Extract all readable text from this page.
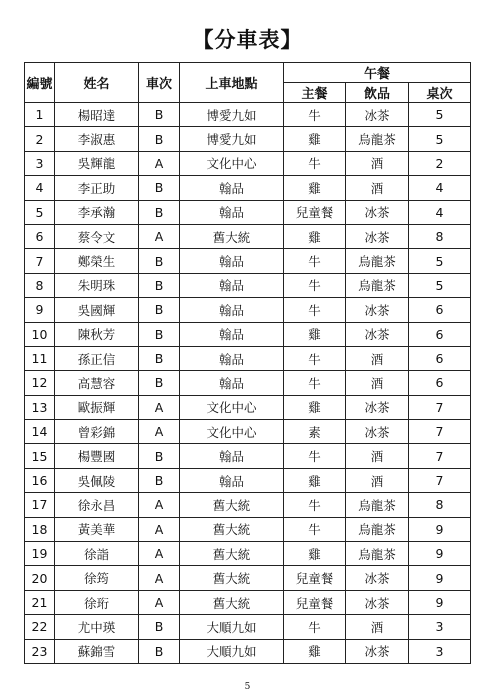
【分車表】
編號	姓名	車次	上車地點	午餐		
				主餐	飲品	桌次
1	楊昭達	B	博愛九如	牛	冰茶	5
2	李淑惠	B	博愛九如	雞	烏龍茶	5
3	吳輝龍	A	文化中心	牛	酒	2
4	李正助	B	翰品	雞	酒	4
5	李承瀚	B	翰品	兒童餐	冰茶	4
6	蔡令文	A	舊大統	雞	冰茶	8
7	鄭榮生	B	翰品	牛	烏龍茶	5
8	朱明珠	B	翰品	牛	烏龍茶	5
9	吳國輝	B	翰品	牛	冰茶	6
10	陳秋芳	B	翰品	雞	冰茶	6
11	孫正信	B	翰品	牛	酒	6
12	高慧容	B	翰品	牛	酒	6
13	歐振輝	A	文化中心	雞	冰茶	7
14	曾彩錦	A	文化中心	素	冰茶	7
15	楊豐國	B	翰品	牛	酒	7
16	吳佩陵	B	翰品	雞	酒	7
17	徐永昌	A	舊大統	牛	烏龍茶	8
18	黃美華	A	舊大統	牛	烏龍茶	9
19	徐詣	A	舊大統	雞	烏龍茶	9
20	徐筠	A	舊大統	兒童餐	冰茶	9
21	徐珩	A	舊大統	兒童餐	冰茶	9
22	尤中瑛	B	大順九如	牛	酒	3
23	蘇錦雪	B	大順九如	雞	冰茶	3
5
